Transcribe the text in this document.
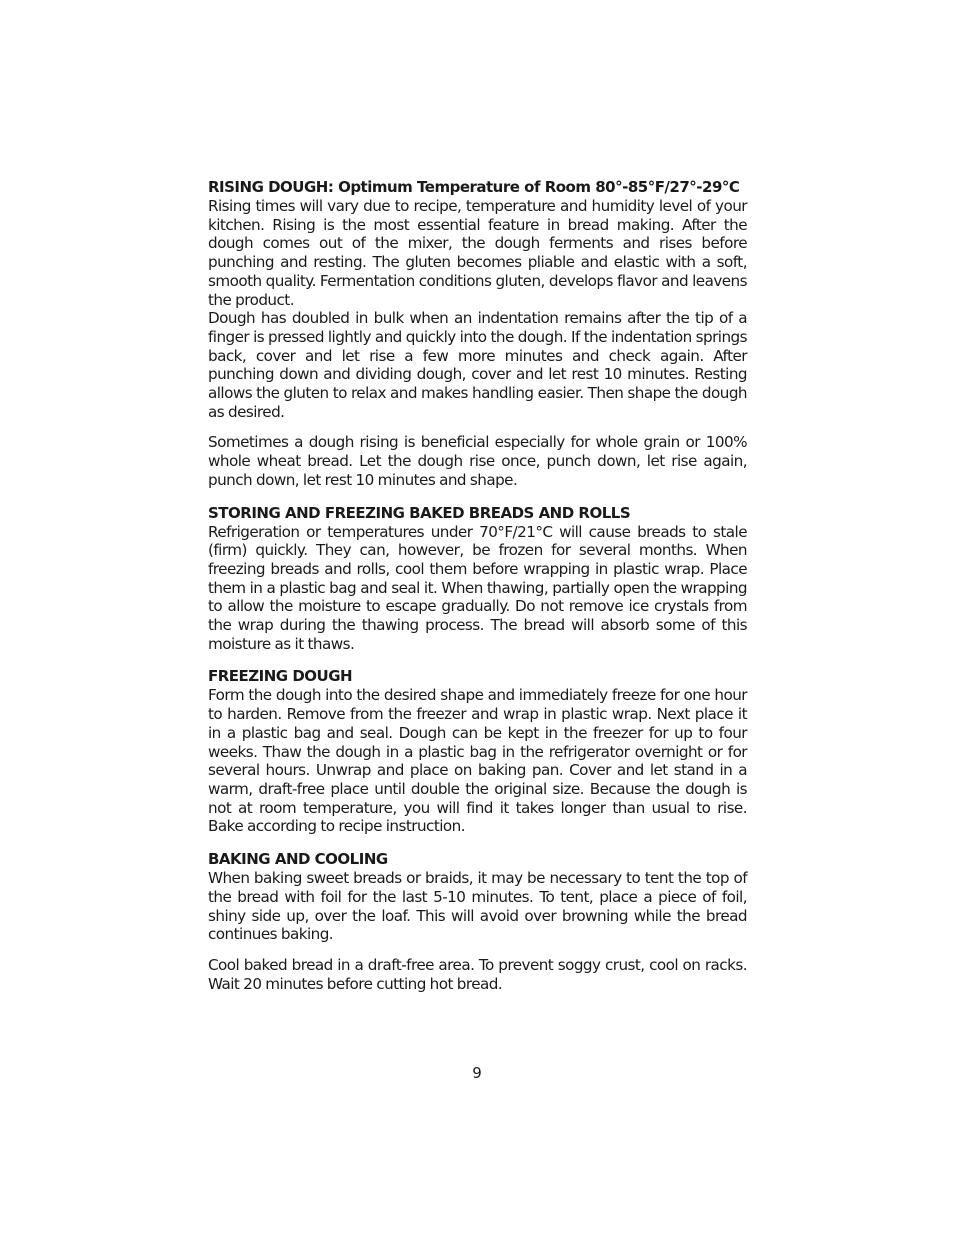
RISING DOUGH: Optimum Temperature of Room 80°-85°F/27°-29°C

Rising times will vary due to recipe, temperature and humidity level of your kitchen. Rising is the most essential feature in bread making. After the dough comes out of the mixer, the dough ferments and rises before punching and resting. The gluten becomes pliable and elastic with a soft, smooth quality. Fermentation conditions gluten, develops flavor and leavens the product.

Dough has doubled in bulk when an indentation remains after the tip of a finger is pressed lightly and quickly into the dough. If the indentation springs back, cover and let rise a few more minutes and check again. After punching down and dividing dough, cover and let rest 10 minutes. Resting allows the gluten to relax and makes handling easier. Then shape the dough as desired.

Sometimes a dough rising is beneficial especially for whole grain or 100% whole wheat bread. Let the dough rise once, punch down, let rise again, punch down, let rest 10 minutes and shape.

STORING AND FREEZING BAKED BREADS AND ROLLS

Refrigeration or temperatures under 70°F/21°C will cause breads to stale (firm) quickly. They can, however, be frozen for several months. When freezing breads and rolls, cool them before wrapping in plastic wrap. Place them in a plastic bag and seal it. When thawing, partially open the wrapping to allow the moisture to escape gradually. Do not remove ice crystals from the wrap during the thawing process. The bread will absorb some of this moisture as it thaws.

FREEZING DOUGH

Form the dough into the desired shape and immediately freeze for one hour to harden. Remove from the freezer and wrap in plastic wrap. Next place it in a plastic bag and seal. Dough can be kept in the freezer for up to four weeks. Thaw the dough in a plastic bag in the refrigerator overnight or for several hours. Unwrap and place on baking pan. Cover and let stand in a warm, draft-free place until double the original size. Because the dough is not at room temperature, you will find it takes longer than usual to rise. Bake according to recipe instruction.

BAKING AND COOLING

When baking sweet breads or braids, it may be necessary to tent the top of the bread with foil for the last 5-10 minutes. To tent, place a piece of foil, shiny side up, over the loaf. This will avoid over browning while the bread continues baking.

Cool baked bread in a draft-free area. To prevent soggy crust, cool on racks. Wait 20 minutes before cutting hot bread.

9
